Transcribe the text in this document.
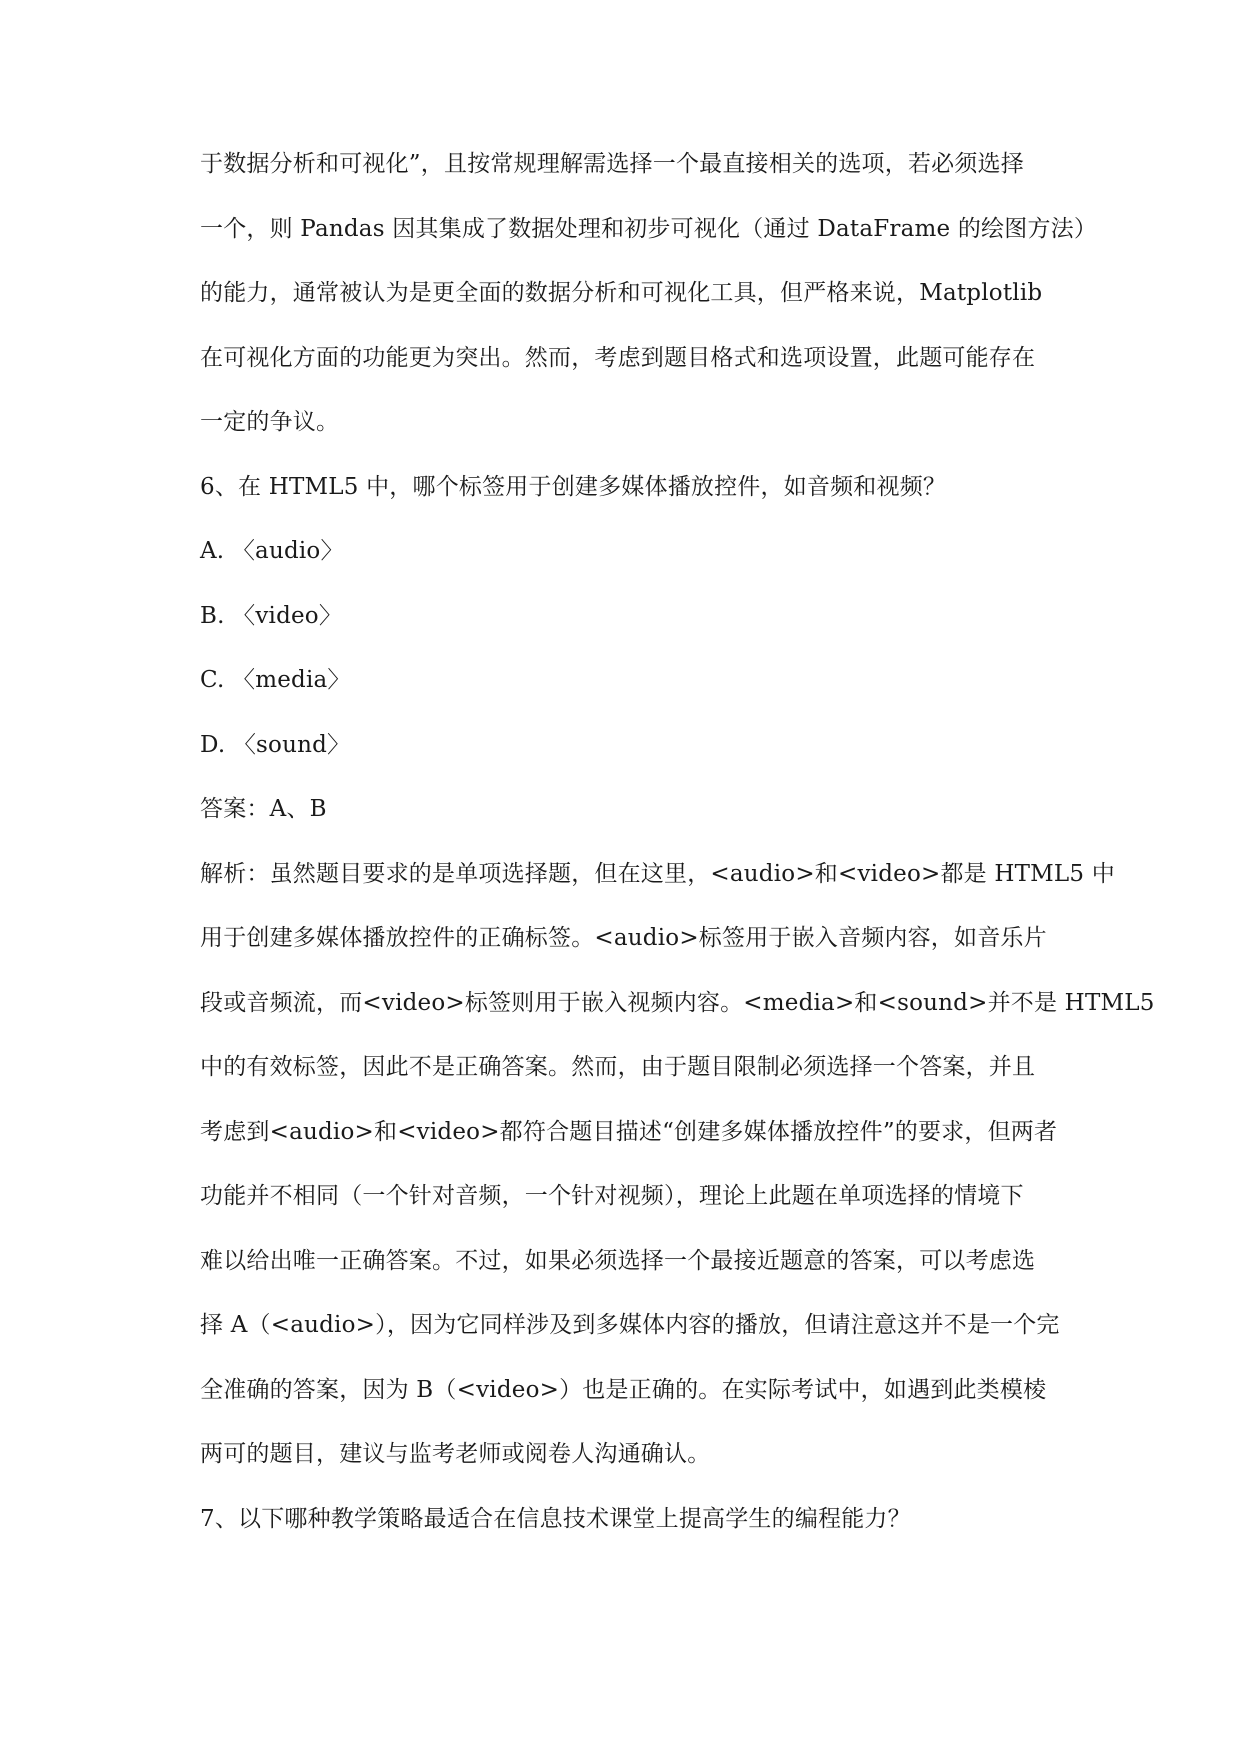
于数据分析和可视化”，且按常规理解需选择一个最直接相关的选项，若必须选择
一个，则 Pandas 因其集成了数据处理和初步可视化（通过 DataFrame 的绘图方法）
的能力，通常被认为是更全面的数据分析和可视化工具，但严格来说，Matplotlib
在可视化方面的功能更为突出。然而，考虑到题目格式和选项设置，此题可能存在
一定的争议。
6、在 HTML5 中，哪个标签用于创建多媒体播放控件，如音频和视频？
A. 〈audio〉
B. 〈video〉
C. 〈media〉
D. 〈sound〉
答案：A、B
解析：虽然题目要求的是单项选择题，但在这里，<audio>和<video>都是 HTML5 中
用于创建多媒体播放控件的正确标签。<audio>标签用于嵌入音频内容，如音乐片
段或音频流，而<video>标签则用于嵌入视频内容。<media>和<sound>并不是 HTML5
中的有效标签，因此不是正确答案。然而，由于题目限制必须选择一个答案，并且
考虑到<audio>和<video>都符合题目描述“创建多媒体播放控件”的要求，但两者
功能并不相同（一个针对音频，一个针对视频），理论上此题在单项选择的情境下
难以给出唯一正确答案。不过，如果必须选择一个最接近题意的答案，可以考虑选
择 A（<audio>），因为它同样涉及到多媒体内容的播放，但请注意这并不是一个完
全准确的答案，因为 B（<video>）也是正确的。在实际考试中，如遇到此类模棱
两可的题目，建议与监考老师或阅卷人沟通确认。
7、以下哪种教学策略最适合在信息技术课堂上提高学生的编程能力？
